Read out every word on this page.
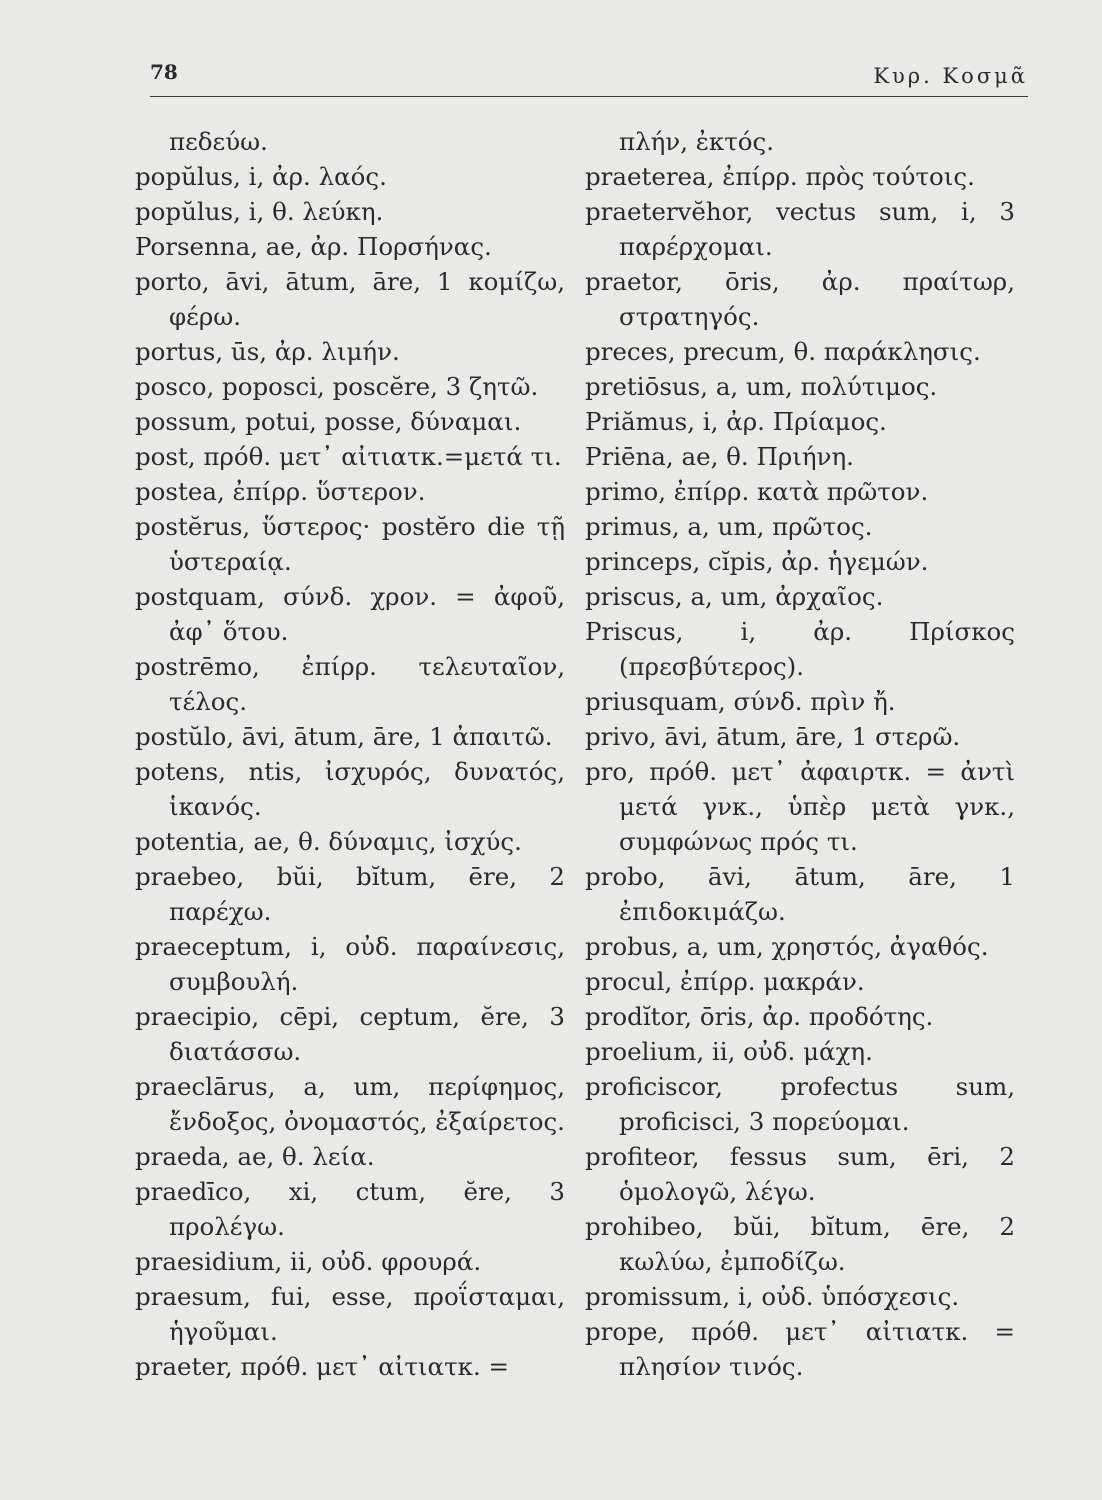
78	Κυρ. Κοσμᾶ
πεδεύω.
popŭlus, i, ἀρ. λαός.
popŭlus, i, θ. λεύκη.
Porsenna, ae, ἀρ. Πορσήνας.
porto, āvi, ātum, āre, 1 κομίζω, φέρω.
portus, ūs, ἀρ. λιμήν.
posco, poposci, poscĕre, 3 ζητῶ.
possum, potui, posse, δύναμαι.
post, πρόθ. μετ᾽ αἰτιατκ.=μετά τι.
postea, ἐπίρρ. ὕστερον.
postĕrus, ὕστερος· postĕro die τῇ ὑστεραίᾳ.
postquam, σύνδ. χρον. = ἀφοῦ, ἀφ᾽ ὅτου.
postrēmo, ἐπίρρ. τελευταῖον, τέλος.
postŭlo, āvi, ātum, āre, 1 ἀπαιτῶ.
potens, ntis, ἰσχυρός, δυνατός, ἱκανός.
potentia, ae, θ. δύναμις, ἰσχύς.
praebeo, bŭi, bĭtum, ēre, 2 παρέχω.
praeceptum, i, οὐδ. παραίνεσις, συμβουλή.
praecipio, cēpi, ceptum, ĕre, 3 διατάσσω.
praeclārus, a, um, περίφημος, ἔνδοξος, ὀνομαστός, ἐξαίρετος.
praeda, ae, θ. λεία.
praedīco, xi, ctum, ĕre, 3 προλέγω.
praesidium, ii, οὐδ. φρουρά.
praesum, fui, esse, προΐσταμαι, ἡγοῦμαι.
praeter, πρόθ. μετ᾽ αἰτιατκ. =
πλήν, ἐκτός.
praeterea, ἐπίρρ. πρὸς τούτοις.
praetervĕhor, vectus sum, i, 3 παρέρχομαι.
praetor, ōris, ἀρ. πραίτωρ, στρατηγός.
preces, precum, θ. παράκλησις.
pretiōsus, a, um, πολύτιμος.
Priămus, i, ἀρ. Πρίαμος.
Priēna, ae, θ. Πριήνη.
primo, ἐπίρρ. κατὰ πρῶτον.
primus, a, um, πρῶτος.
princeps, cĭpis, ἀρ. ἡγεμών.
priscus, a, um, ἀρχαῖος.
Priscus, i, ἀρ. Πρίσκος (πρεσβύτερος).
priusquam, σύνδ. πρὶν ἤ.
privo, āvi, ātum, āre, 1 στερῶ.
pro, πρόθ. μετ᾽ ἀφαιρτκ. = ἀντὶ μετά γνκ., ὑπὲρ μετὰ γνκ., συμφώνως πρός τι.
probo, āvi, ātum, āre, 1 ἐπιδοκιμάζω.
probus, a, um, χρηστός, ἀγαθός.
procul, ἐπίρρ. μακράν.
prodĭtor, ōris, ἀρ. προδότης.
proelium, ii, οὐδ. μάχη.
proficiscor, profectus sum, proficisci, 3 πορεύομαι.
profiteor, fessus sum, ēri, 2 ὁμολογῶ, λέγω.
prohibeo, bŭi, bĭtum, ēre, 2 κωλύω, ἐμποδίζω.
promissum, i, οὐδ. ὑπόσχεσις.
prope, πρόθ. μετ᾽ αἰτιατκ. = πλησίον τινός.
